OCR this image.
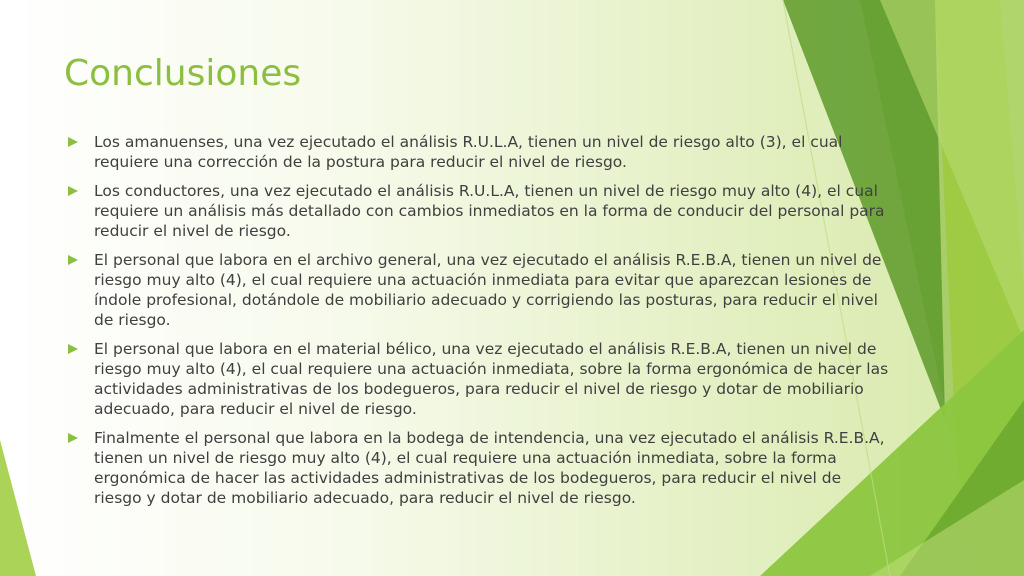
Conclusiones
Los amanuenses, una vez ejecutado el análisis R.U.L.A, tienen un nivel de riesgo alto (3), el cual requiere una corrección de la postura para reducir el nivel de riesgo.
Los conductores, una vez ejecutado el análisis R.U.L.A, tienen un nivel de riesgo muy alto (4), el cual requiere un análisis más detallado con cambios inmediatos en la forma de conducir del personal para reducir el nivel de riesgo.
El personal que labora en el archivo general, una vez ejecutado el análisis R.E.B.A, tienen un nivel de riesgo muy alto (4), el cual requiere una actuación inmediata para evitar que aparezcan lesiones de índole profesional, dotándole de mobiliario adecuado y corrigiendo las posturas, para reducir el nivel de riesgo.
El personal que labora en el material bélico, una vez ejecutado el análisis R.E.B.A, tienen un nivel de riesgo muy alto (4), el cual requiere una actuación inmediata, sobre la forma ergonómica de hacer las actividades administrativas de los bodegueros, para reducir el nivel de riesgo y dotar de mobiliario adecuado, para reducir el nivel de riesgo.
Finalmente el personal que labora en la bodega de intendencia, una vez ejecutado el análisis R.E.B.A, tienen un nivel de riesgo muy alto (4), el cual requiere una actuación inmediata, sobre la forma ergonómica de hacer las actividades administrativas de los bodegueros, para reducir el nivel de riesgo y dotar de mobiliario adecuado, para reducir el nivel de riesgo.
